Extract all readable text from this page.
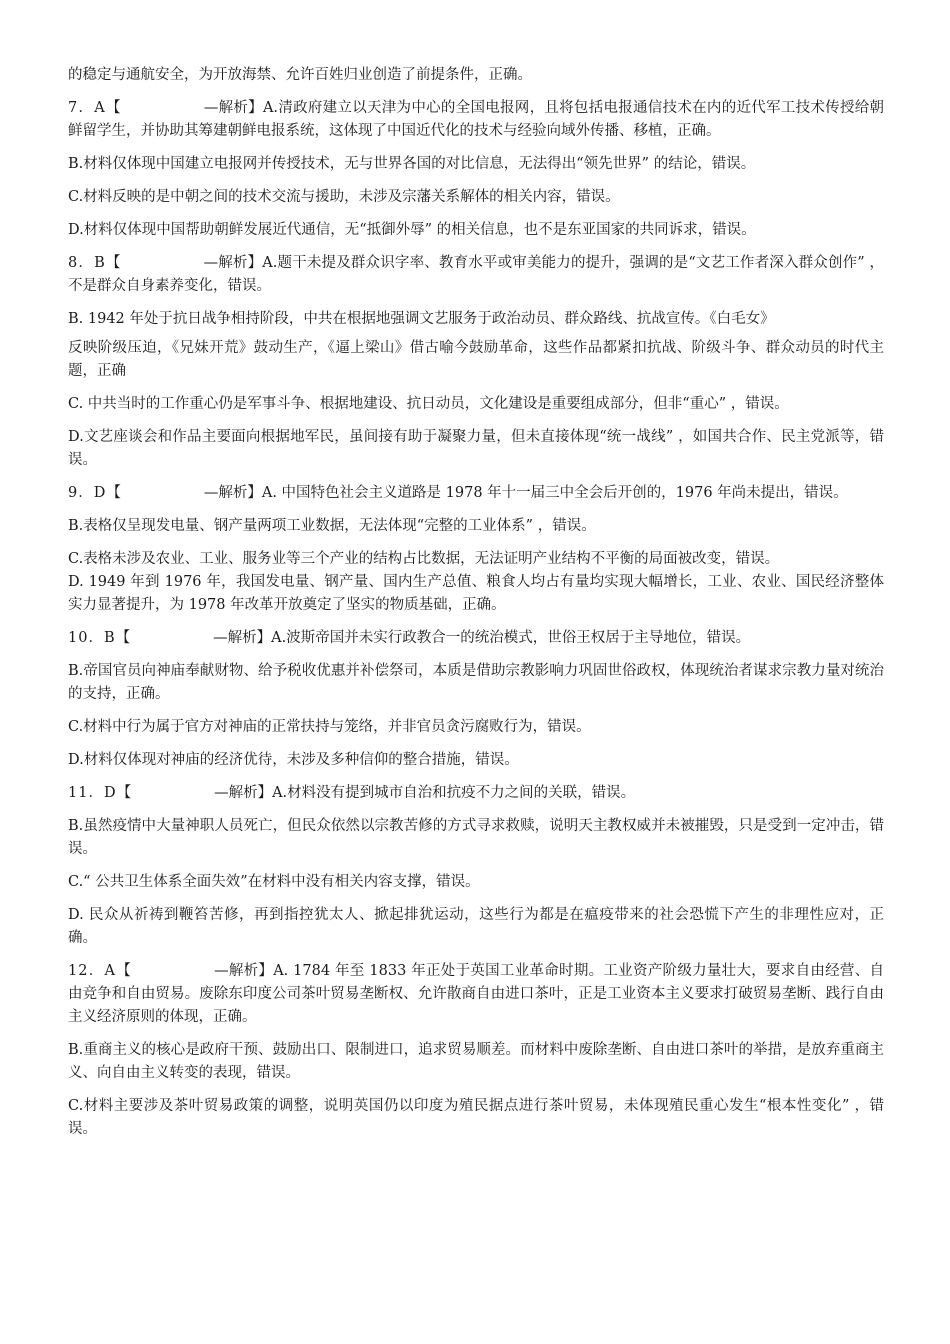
的稳定与通航安全，为开放海禁、允许百姓归业创造了前提条件，正确。

7．A【	—解析】A.清政府建立以天津为中心的全国电报网，且将包括电报通信技术在内的近代军工技术传授给朝鲜留学生，并协助其筹建朝鲜电报系统，这体现了中国近代化的技术与经验向域外传播、移植，正确。

B.材料仅体现中国建立电报网并传授技术，无与世界各国的对比信息，无法得出“领先世界” 的结论，错误。

C.材料反映的是中朝之间的技术交流与援助，未涉及宗藩关系解体的相关内容，错误。

D.材料仅体现中国帮助朝鲜发展近代通信，无“抵御外辱” 的相关信息，也不是东亚国家的共同诉求，错误。

8．B【	—解析】A.题干未提及群众识字率、教育水平或审美能力的提升，强调的是“文艺工作者深入群众创作” ，不是群众自身素养变化，错误。

B. 1942 年处于抗日战争相持阶段，中共在根据地强调文艺服务于政治动员、群众路线、抗战宣传。《白毛女》

反映阶级压迫，《兄妹开荒》鼓动生产，《逼上梁山》借古喻今鼓励革命，这些作品都紧扣抗战、阶级斗争、群众动员的时代主题，正确

C. 中共当时的工作重心仍是军事斗争、根据地建设、抗日动员，文化建设是重要组成部分，但非“重心” ，错误。

D.文艺座谈会和作品主要面向根据地军民，虽间接有助于凝聚力量，但未直接体现“统一战线” ，如国共合作、民主党派等，错误。

9．D【	—解析】A. 中国特色社会主义道路是 1978 年十一届三中全会后开创的，1976 年尚未提出，错误。

B.表格仅呈现发电量、钢产量两项工业数据，无法体现“完整的工业体系” ，错误。

C.表格未涉及农业、工业、服务业等三个产业的结构占比数据，无法证明产业结构不平衡的局面被改变，错误。

D. 1949 年到 1976 年，我国发电量、钢产量、国内生产总值、粮食人均占有量均实现大幅增长，工业、农业、国民经济整体实力显著提升，为 1978 年改革开放奠定了坚实的物质基础，正确。

10．B【	—解析】A.波斯帝国并未实行政教合一的统治模式，世俗王权居于主导地位，错误。

B.帝国官员向神庙奉献财物、给予税收优惠并补偿祭司，本质是借助宗教影响力巩固世俗政权，体现统治者谋求宗教力量对统治的支持，正确。

C.材料中行为属于官方对神庙的正常扶持与笼络，并非官员贪污腐败行为，错误。

D.材料仅体现对神庙的经济优待，未涉及多种信仰的整合措施，错误。

11．D【	—解析】A.材料没有提到城市自治和抗疫不力之间的关联，错误。

B.虽然疫情中大量神职人员死亡，但民众依然以宗教苦修的方式寻求救赎，说明天主教权威并未被摧毁，只是受到一定冲击，错误。

C.“ 公共卫生体系全面失效”在材料中没有相关内容支撑，错误。

D. 民众从祈祷到鞭笞苦修，再到指控犹太人、掀起排犹运动，这些行为都是在瘟疫带来的社会恐慌下产生的非理性应对，正确。

12．A【	—解析】A. 1784 年至 1833 年正处于英国工业革命时期。工业资产阶级力量壮大，要求自由经营、自由竞争和自由贸易。废除东印度公司茶叶贸易垄断权、允许散商自由进口茶叶，正是工业资本主义要求打破贸易垄断、践行自由主义经济原则的体现，正确。

B.重商主义的核心是政府干预、鼓励出口、限制进口，追求贸易顺差。而材料中废除垄断、自由进口茶叶的举措，是放弃重商主义、向自由主义转变的表现，错误。

C.材料主要涉及茶叶贸易政策的调整，说明英国仍以印度为殖民据点进行茶叶贸易，未体现殖民重心发生“根本性变化” ，错误。
